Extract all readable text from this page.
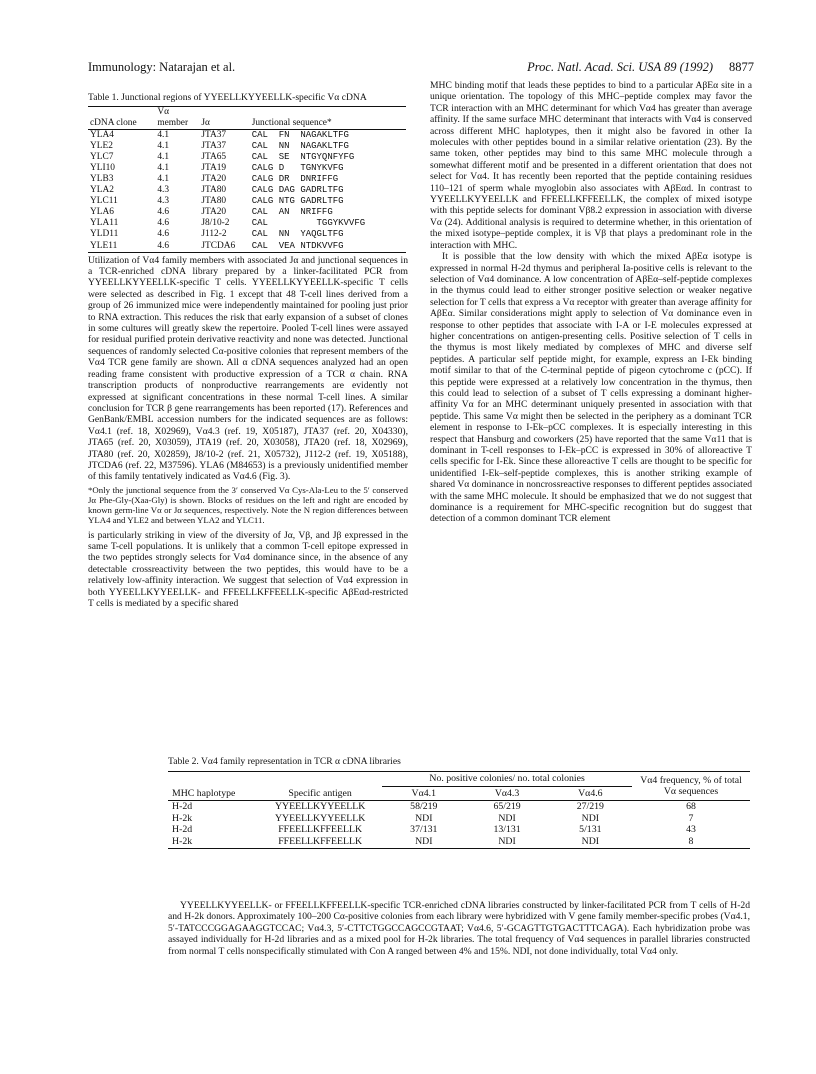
Immunology: Natarajan et al.	Proc. Natl. Acad. Sci. USA 89 (1992) 8877

Table 1. Junctional regions of YYEELLKYYEELLK-specific Vα cDNA

cDNA clone	Vα member	Jα	Junctional sequence*
YLA4	4.1	JTA37	CAL  FN  NAGAKLTFG
YLE2	4.1	JTA37	CAL  NN  NAGAKLTFG
YLC7	4.1	JTA65	CAL  SE  NTGYQNFYFG
YLI10	4.1	JTA19	CALG D   TGNYKVFG
YLB3	4.1	JTA20	CALG DR  DNRIFFG
YLA2	4.3	JTA80	CALG DAG GADRLTFG
YLC11	4.3	JTA80	CALG NTG GADRLTFG
YLA6	4.6	JTA20	CAL  AN  NRIFFG
YLA11	4.6	J8/10-2	CAL         TGGYKVVFG
YLD11	4.6	J112-2	CAL  NN  YAQGLTFG
YLE11	4.6	JTCDA6	CAL  VEA NTDKVVFG

Utilization of Vα4 family members with associated Jα and junctional sequences in a TCR-enriched cDNA library prepared by a linker-facilitated PCR from YYEELLKYYEELLK-specific T cells. YYEELLKYYEELLK-specific T cells were selected as described in Fig. 1 except that 48 T-cell lines derived from a group of 26 immunized mice were independently maintained for pooling just prior to RNA extraction. This reduces the risk that early expansion of a subset of clones in some cultures will greatly skew the repertoire. Pooled T-cell lines were assayed for residual purified protein derivative reactivity and none was detected. Junctional sequences of randomly selected Cα-positive colonies that represent members of the Vα4 TCR gene family are shown. All α cDNA sequences analyzed had an open reading frame consistent with productive expression of a TCR α chain. RNA transcription products of nonproductive rearrangements are evidently not expressed at significant concentrations in these normal T-cell lines. A similar conclusion for TCR β gene rearrangements has been reported (17). References and GenBank/EMBL accession numbers for the indicated sequences are as follows: Vα4.1 (ref. 18, X02969), Vα4.3 (ref. 19, X05187), JTA37 (ref. 20, X04330), JTA65 (ref. 20, X03059), JTA19 (ref. 20, X03058), JTA20 (ref. 18, X02969), JTA80 (ref. 20, X02859), J8/10-2 (ref. 21, X05732), J112-2 (ref. 19, X05188), JTCDA6 (ref. 22, M37596). YLA6 (M84653) is a previously unidentified member of this family tentatively indicated as Vα4.6 (Fig. 3).

*Only the junctional sequence from the 3′ conserved Vα Cys-Ala-Leu to the 5′ conserved Jα Phe-Gly-(Xaa-Gly) is shown. Blocks of residues on the left and right are encoded by known germ-line Vα or Jα sequences, respectively. Note the N region differences between YLA4 and YLE2 and between YLA2 and YLC11.

is particularly striking in view of the diversity of Jα, Vβ, and Jβ expressed in the same T-cell populations. It is unlikely that a common T-cell epitope expressed in the two peptides strongly selects for Vα4 dominance since, in the absence of any detectable crossreactivity between the two peptides, this would have to be a relatively low-affinity interaction. We suggest that selection of Vα4 expression in both YYEELLKYYEELLK- and FFEELLKFFEELLK-specific AβEαd-restricted T cells is mediated by a specific shared

MHC binding motif that leads these peptides to bind to a particular AβEα site in a unique orientation. The topology of this MHC–peptide complex may favor the TCR interaction with an MHC determinant for which Vα4 has greater than average affinity. If the same surface MHC determinant that interacts with Vα4 is conserved across different MHC haplotypes, then it might also be favored in other Ia molecules with other peptides bound in a similar relative orientation (23). By the same token, other peptides may bind to this same MHC molecule through a somewhat different motif and be presented in a different orientation that does not select for Vα4. It has recently been reported that the peptide containing residues 110–121 of sperm whale myoglobin also associates with AβEαd. In contrast to YYEELLKYYEELLK and FFEELLKFFEELLK, the complex of mixed isotype with this peptide selects for dominant Vβ8.2 expression in association with diverse Vα (24). Additional analysis is required to determine whether, in this orientation of the mixed isotype–peptide complex, it is Vβ that plays a predominant role in the interaction with MHC.

It is possible that the low density with which the mixed AβEα isotype is expressed in normal H-2d thymus and peripheral Ia-positive cells is relevant to the selection of Vα4 dominance. A low concentration of AβEα–self-peptide complexes in the thymus could lead to either stronger positive selection or weaker negative selection for T cells that express a Vα receptor with greater than average affinity for AβEα. Similar considerations might apply to selection of Vα dominance even in response to other peptides that associate with I-A or I-E molecules expressed at higher concentrations on antigen-presenting cells. Positive selection of T cells in the thymus is most likely mediated by complexes of MHC and diverse self peptides. A particular self peptide might, for example, express an I-Ek binding motif similar to that of the C-terminal peptide of pigeon cytochrome c (pCC). If this peptide were expressed at a relatively low concentration in the thymus, then this could lead to selection of a subset of T cells expressing a dominant higher-affinity Vα for an MHC determinant uniquely presented in association with that peptide. This same Vα might then be selected in the periphery as a dominant TCR element in response to I-Ek–pCC complexes. It is especially interesting in this respect that Hansburg and coworkers (25) have reported that the same Vα11 that is dominant in T-cell responses to I-Ek–pCC is expressed in 30% of alloreactive T cells specific for I-Ek. Since these alloreactive T cells are thought to be specific for unidentified I-Ek–self-peptide complexes, this is another striking example of shared Vα dominance in noncrossreactive responses to different peptides associated with the same MHC molecule. It should be emphasized that we do not suggest that dominance is a requirement for MHC-specific recognition but do suggest that detection of a common dominant TCR element

Table 2. Vα4 family representation in TCR α cDNA libraries

MHC haplotype	Specific antigen	No. positive colonies/ no. total colonies			Vα4 frequency, % of total Vα sequences
		Vα4.1	Vα4.3	Vα4.6	
H-2d	YYEELLKYYEELLK	58/219	65/219	27/219	68
H-2k	YYEELLKYYEELLK	NDI	NDI	NDI	7
H-2d	FFEELLKFFEELLK	37/131	13/131	5/131	43
H-2k	FFEELLKFFEELLK	NDI	NDI	NDI	8

YYEELLKYYEELLK- or FFEELLKFFEELLK-specific TCR-enriched cDNA libraries constructed by linker-facilitated PCR from T cells of H-2d and H-2k donors. Approximately 100–200 Cα-positive colonies from each library were hybridized with V gene family member-specific probes (Vα4.1, 5′-TATCCCGGAGAAGGTCCAC; Vα4.3, 5′-CTTCTGGCCAGCCGTAAT; Vα4.6, 5′-GCAGTTGTGACTTTCAGA). Each hybridization probe was assayed individually for H-2d libraries and as a mixed pool for H-2k libraries. The total frequency of Vα4 sequences in parallel libraries constructed from normal T cells nonspecifically stimulated with Con A ranged between 4% and 15%. NDI, not done individually, total Vα4 only.
